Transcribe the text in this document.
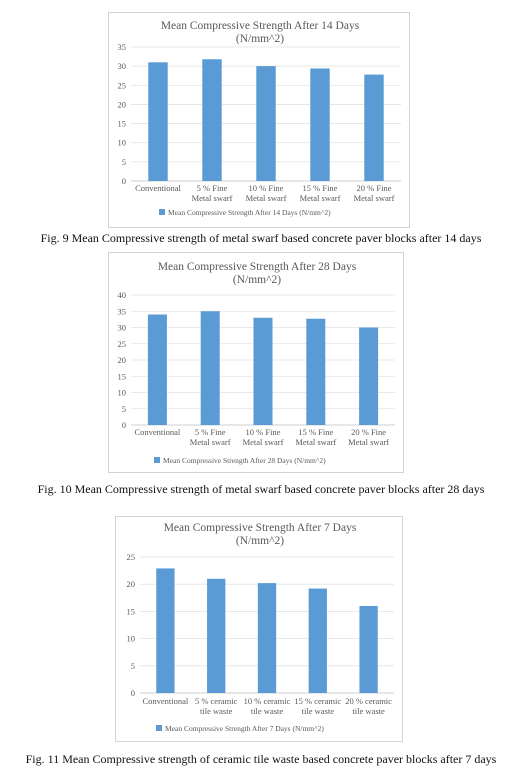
Mean Compressive Strength After 14 Days
(N/mm^2)
0
5
10
15
20
25
30
35
Conventional 5 % Fine
Metal swarf
10 % Fine
Metal swarf
15 % Fine
Metal swarf
20 % Fine
Metal swarf
Mean Compressive Strength After 14 Days (N/mm^2)
Fig. 9 Mean Compressive strength of metal swarf based concrete paver blocks after 14 days
Mean Compressive Strength After 28 Days
(N/mm^2)
0
5
10
15
20
25
30
35
40
Conventional 5 % Fine
Metal swarf
10 % Fine
Metal swarf
15 % Fine
Metal swarf
20 % Fine
Metal swarf
Mean Compressive Strength After 28 Days (N/mm^2)
Fig. 10 Mean Compressive strength of metal swarf based concrete paver blocks after 28 days
Mean Compressive Strength After 7 Days
(N/mm^2)
0
5
10
15
20
25
Conventional 5 % ceramic
tile waste
10 % ceramic
tile waste
15 % ceramic
tile waste
20 % ceramic
tile waste
Mean Compressive Strength After 7 Days (N/mm^2)
Fig. 11 Mean Compressive strength of ceramic tile waste based concrete paver blocks after 7 days
